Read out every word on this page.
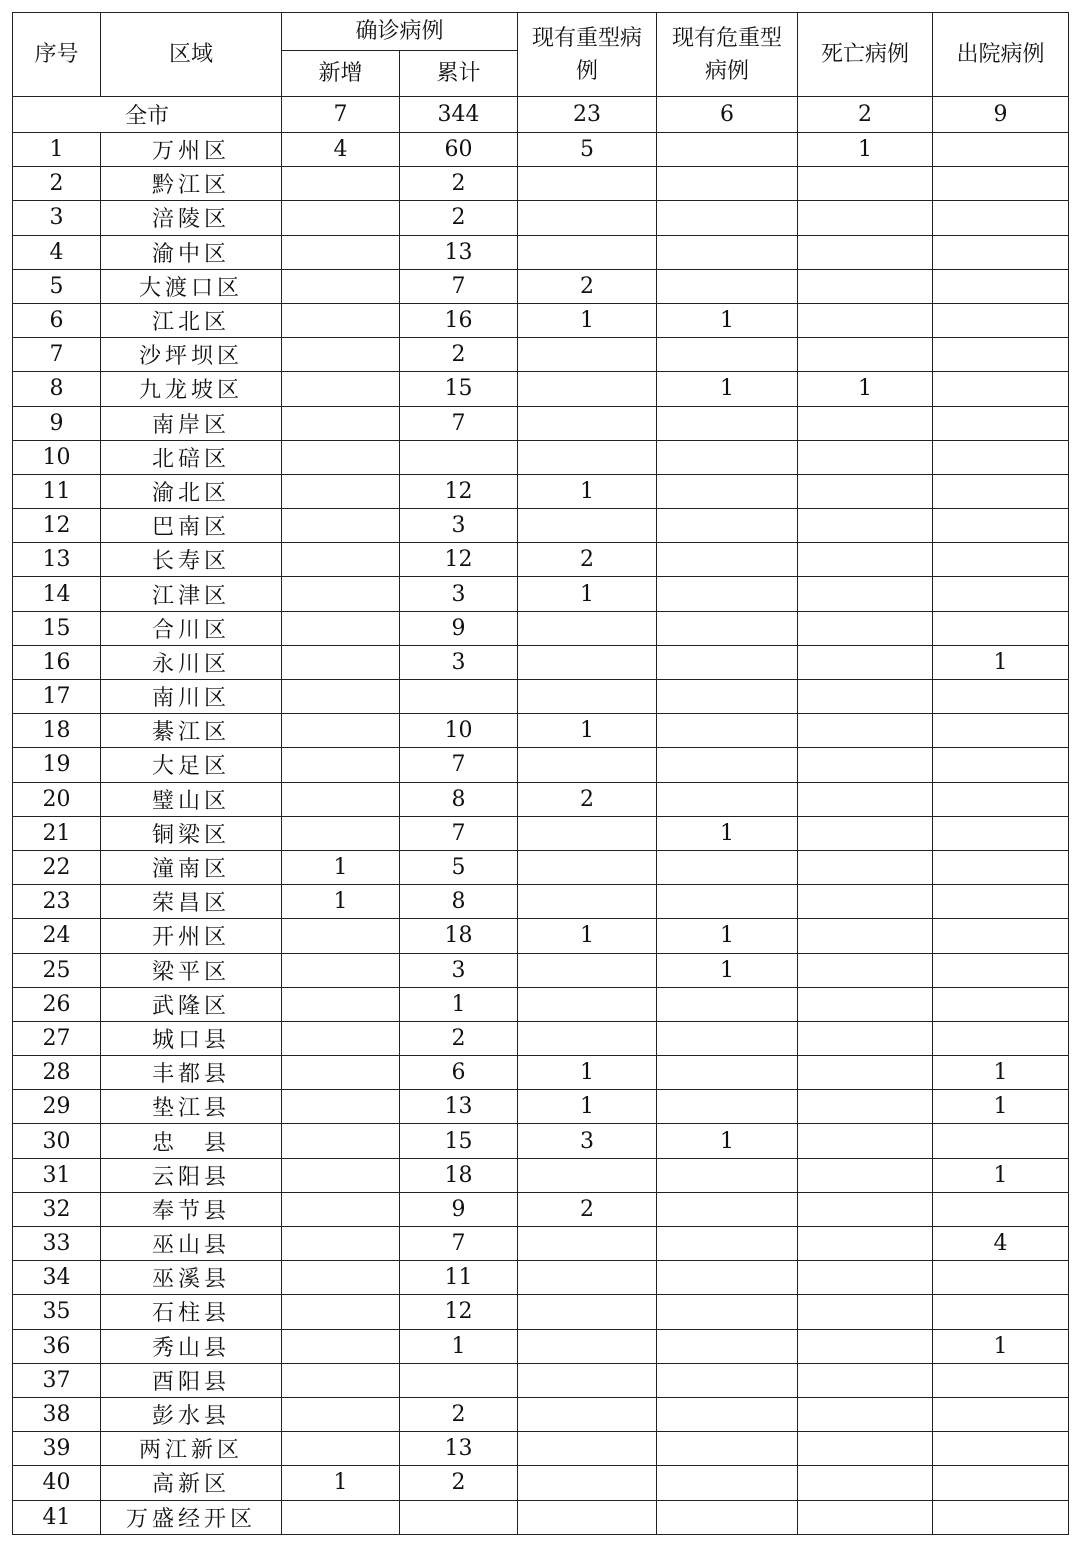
序号	区域	确诊病例		现有重型病例	现有危重型病例	死亡病例	出院病例
		新增	累计				
全市		7	344	23	6	2	9
1	万州区	4	60	5		1	
2	黔江区		2				
3	涪陵区		2				
4	渝中区		13				
5	大渡口区		7	2			
6	江北区		16	1	1		
7	沙坪坝区		2				
8	九龙坡区		15		1	1	
9	南岸区		7				
10	北碚区						
11	渝北区		12	1			
12	巴南区		3				
13	长寿区		12	2			
14	江津区		3	1			
15	合川区		9				
16	永川区		3				1
17	南川区						
18	綦江区		10	1			
19	大足区		7				
20	璧山区		8	2			
21	铜梁区		7		1		
22	潼南区	1	5				
23	荣昌区	1	8				
24	开州区		18	1	1		
25	梁平区		3		1		
26	武隆区		1				
27	城口县		2				
28	丰都县		6	1			1
29	垫江县		13	1			1
30	忠　县		15	3	1		
31	云阳县		18				1
32	奉节县		9	2			
33	巫山县		7				4
34	巫溪县		11				
35	石柱县		12				
36	秀山县		1				1
37	酉阳县						
38	彭水县		2				
39	两江新区		13				
40	高新区	1	2				
41	万盛经开区						
